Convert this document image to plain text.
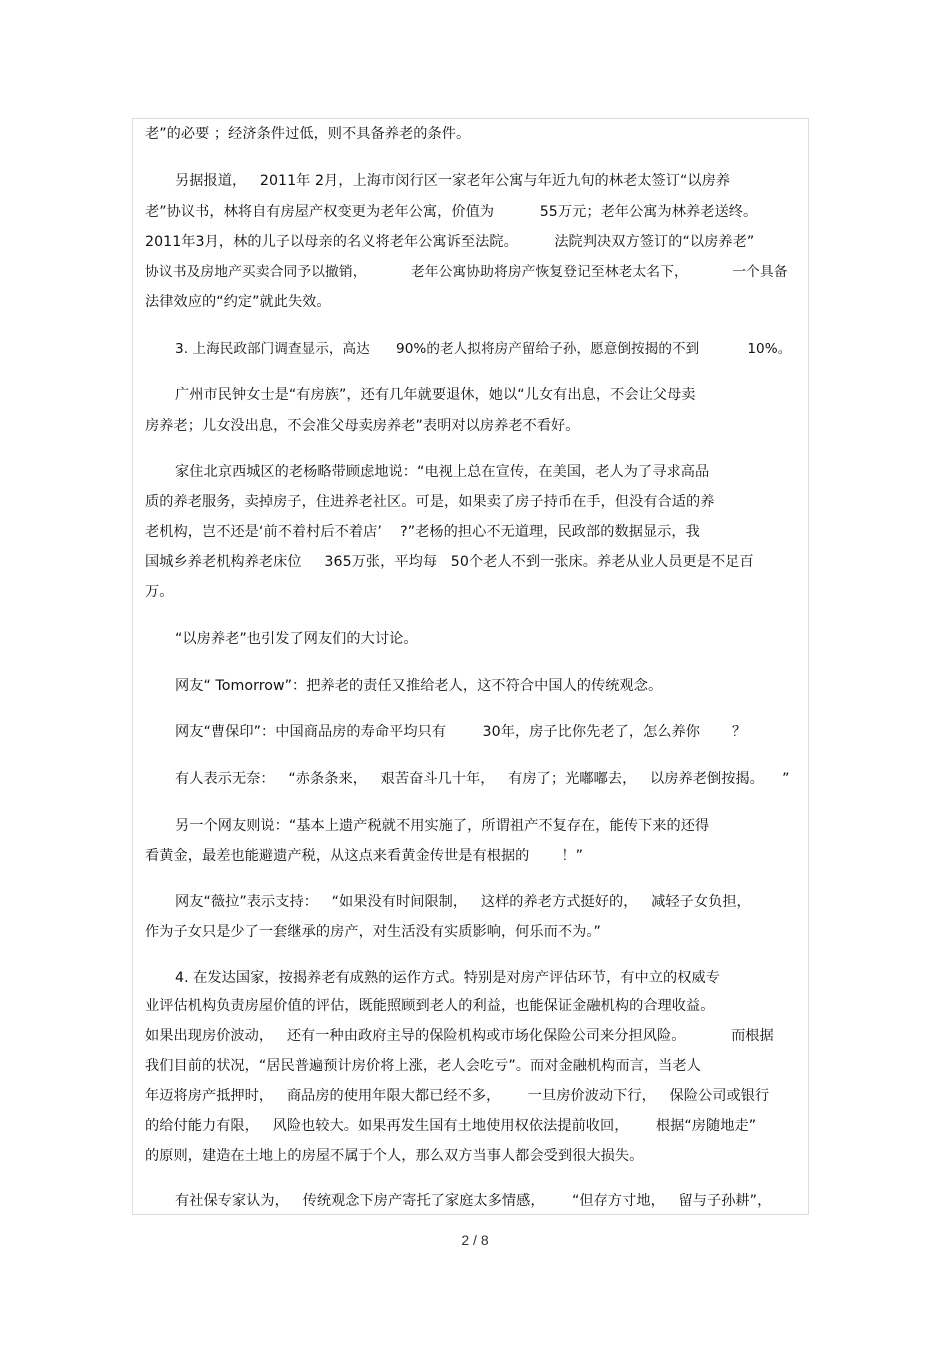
老”的必要 ；经济条件过低，则不具备养老的条件。
另据报道，   2011年 2月，上海市闵行区一家老年公寓与年近九旬的林老太签订“以房养
老”协议书，林将自有房屋产权变更为老年公寓，价值为          55万元；老年公寓为林养老送终。
2011年3月，林的儿子以母亲的名义将老年公寓诉至法院。        法院判决双方签订的“以房养老”
协议书及房地产买卖合同予以撤销，          老年公寓协助将房产恢复登记至林老太名下，          一个具备
法律效应的“约定”就此失效。
3. 上海民政部门调查显示，高达      90%的老人拟将房产留给子孙，愿意倒按揭的不到           10%。
广州市民钟女士是“有房族”，还有几年就要退休，她以“儿女有出息，不会让父母卖
房养老；儿女没出息，不会准父母卖房养老”表明对以房养老不看好。
家住北京西城区的老杨略带顾虑地说：“电视上总在宣传，在美国，老人为了寻求高品
质的养老服务，卖掉房子，住进养老社区。可是，如果卖了房子持币在手，但没有合适的养
老机构，岂不还是‘前不着村后不着店’    ?”老杨的担心不无道理，民政部的数据显示，我
国城乡养老机构养老床位     365万张，平均每   50个老人不到一张床。养老从业人员更是不足百
万。
“以房养老”也引发了网友们的大讨论。
网友“ Tomorrow”：把养老的责任又推给老人，这不符合中国人的传统观念。
网友“曹保印”：中国商品房的寿命平均只有        30年，房子比你先老了，怎么养你       ？
有人表示无奈：   “赤条条来，   艰苦奋斗几十年，   有房了；光嘟嘟去，   以房养老倒按揭。    ”
另一个网友则说：“基本上遗产税就不用实施了，所谓祖产不复存在，能传下来的还得
看黄金，最差也能避遗产税，从这点来看黄金传世是有根据的       ！”
网友“薇拉”表示支持：   “如果没有时间限制，   这样的养老方式挺好的，   减轻子女负担，
作为子女只是少了一套继承的房产，对生活没有实质影响，何乐而不为。”
4. 在发达国家，按揭养老有成熟的运作方式。特别是对房产评估环节，有中立的权威专
业评估机构负责房屋价值的评估，既能照顾到老人的利益，也能保证金融机构的合理收益。
如果出现房价波动，   还有一种由政府主导的保险机构或市场化保险公司来分担风险。          而根据
我们目前的状况，“居民普遍预计房价将上涨，老人会吃亏”。而对金融机构而言，当老人
年迈将房产抵押时，   商品房的使用年限大都已经不多，      一旦房价波动下行，   保险公司或银行
的给付能力有限，   风险也较大。如果再发生国有土地使用权依法提前收回，      根据“房随地走”
的原则，建造在土地上的房屋不属于个人，那么双方当事人都会受到很大损失。
有社保专家认为，   传统观念下房产寄托了家庭太多情感，      “但存方寸地，   留与子孙耕”，
2 / 8
